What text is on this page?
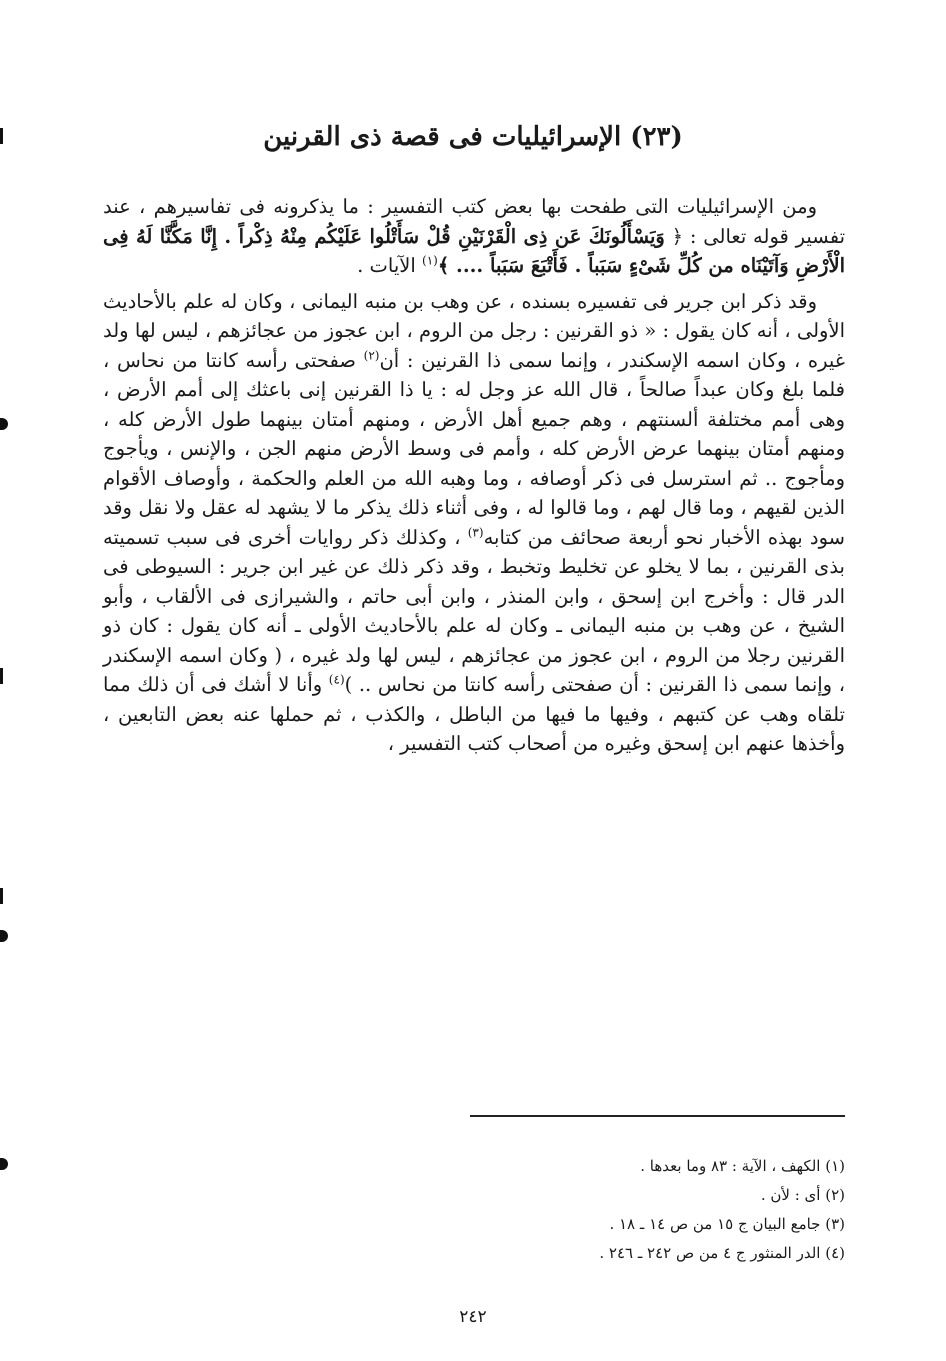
(٢٣) الإسرائيليات فى قصة ذى القرنين

ومن الإسرائيليات التى طفحت بها بعض كتب التفسير : ما يذكرونه فى تفاسيرهم ، عند تفسير قوله تعالى : ﴿ وَيَسْأَلُونَكَ عَن ذِى الْقَرْنَيْنِ قُلْ سَأَتْلُوا عَلَيْكُم مِنْهُ ذِكْراً . إِنَّا مَكَّنَّا لَهُ فِى الْأَرْضِ وَآتَيْنَاه من كُلِّ شَىْءٍ سَبَباً . فَأَتْبَعَ سَبَباً .... ﴾$^{(١)}$ الآيات .

وقد ذكر ابن جرير فى تفسيره بسنده ، عن وهب بن منبه اليمانى ، وكان له علم بالأحاديث الأولى ، أنه كان يقول : « ذو القرنين : رجل من الروم ، ابن عجوز من عجائزهم ، ليس لها ولد غيره ، وكان اسمه الإسكندر ، وإنما سمى ذا القرنين : أن$^{(٢)}$ صفحتى رأسه كانتا من نحاس ، فلما بلغ وكان عبداً صالحاً ، قال الله عز وجل له : يا ذا القرنين إنى باعثك إلى أمم الأرض ، وهى أمم مختلفة ألسنتهم ، وهم جميع أهل الأرض ، ومنهم أمتان بينهما طول الأرض كله ، ومنهم أمتان بينهما عرض الأرض كله ، وأمم فى وسط الأرض منهم الجن ، والإنس ، ويأجوج ومأجوج .. ثم استرسل فى ذكر أوصافه ، وما وهبه الله من العلم والحكمة ، وأوصاف الأقوام الذين لقيهم ، وما قال لهم ، وما قالوا له ، وفى أثناء ذلك يذكر ما لا يشهد له عقل ولا نقل وقد سود بهذه الأخبار نحو أربعة صحائف من كتابه$^{(٣)}$ ، وكذلك ذكر روايات أخرى فى سبب تسميته بذى القرنين ، بما لا يخلو عن تخليط وتخبط ، وقد ذكر ذلك عن غير ابن جرير : السيوطى فى الدر قال : وأخرج ابن إسحق ، وابن المنذر ، وابن أبى حاتم ، والشيرازى فى الألقاب ، وأبو الشيخ ، عن وهب بن منبه اليمانى ـ وكان له علم بالأحاديث الأولى ـ أنه كان يقول : كان ذو القرنين رجلا من الروم ، ابن عجوز من عجائزهم ، ليس لها ولد غيره ، ( وكان اسمه الإسكندر ، وإنما سمى ذا القرنين : أن صفحتى رأسه كانتا من نحاس .. )$^{(٤)}$ وأنا لا أشك فى أن ذلك مما تلقاه وهب عن كتبهم ، وفيها ما فيها من الباطل ، والكذب ، ثم حملها عنه بعض التابعين ، وأخذها عنهم ابن إسحق وغيره من أصحاب كتب التفسير ،

(١) الكهف ، الآية : ٨٣ وما بعدها .
(٢) أى : لأن .
(٣) جامع البيان ج ١٥ من ص ١٤ ـ ١٨ .
(٤) الدر المنثور ج ٤ من ص ٢٤٢ ـ ٢٤٦ .
٢٤٢
